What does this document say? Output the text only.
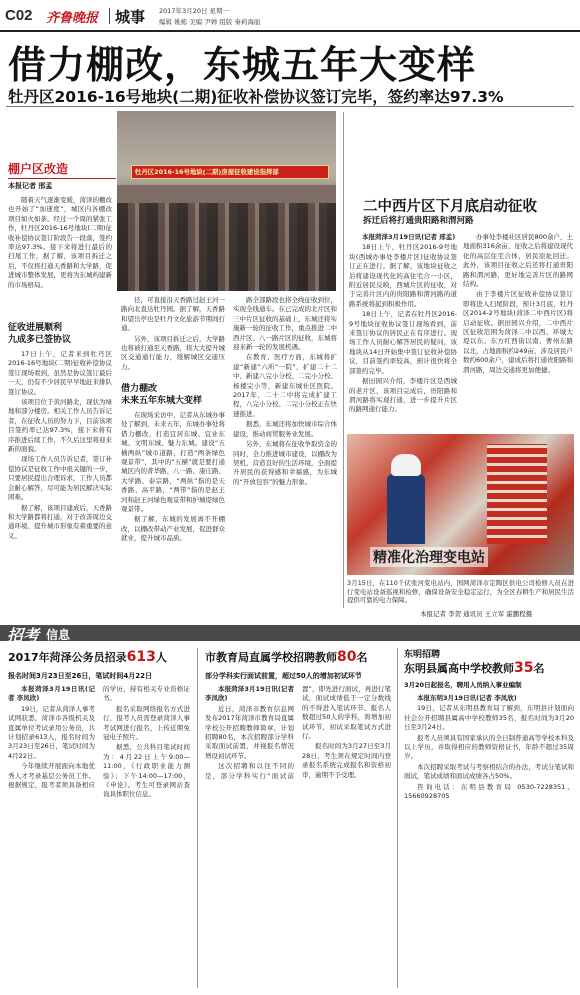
C02 齐鲁晚报 城事 2017年3月20日 星期一
编辑 姚栋 美编 尹婵 组版 秦莉海丽
借力棚改，东城五年大变样
牡丹区2016-16号地块(二期)征收补偿协议签订完毕，签约率达97.3%
棚户区改造
本报记者 邢孟
牡丹区2016-16号地块(二期)房屋征收建设指挥部

随着天气逐渐变暖，菏泽的棚改也开始了“加速度”，城区内各棚改项目如火如荼。经过一个周的紧张工作，牡丹区2016-16号地块(二期)征收补偿协议签订阶段告一段落，签约率达97.3%。接下来将进行最后的扫尾工作，据了解，该项目拆迁之后，不仅将打通天香路和大学路，促进城市整体发展，更将为东城构建新的市场格局。

征收进展顺利
九成多已签协议

17日上午，记者来到牡丹区2016-16号地块(二期)征收补偿协议签订现场看到，虽然是协议签订最后一天，仍有不少居民早早地赶来排队签订协议。

该项目位于黄河路北，现状为绿地和部分楼房。相关工作人员告诉记者，在征收人员的努力下，目前该项目签约率已达97.3%，接下来将有序推进后续工作，不久后这里将迎来新的面貌。

现场工作人员告诉记者，签订补偿协议是征收工作中很关键的一步，只要居民提出合理诉求，工作人员都会耐心解答，尽可能为居民解决实际困难。

据了解，该项目建成后，天香路和大学路都将打通，对于改善周边交通环境、提升城市形象有着重要的意义。

径，可直接沿天香路过赵王河一路向北直达牡丹园。据了解，天香路和望岳亭也是牡丹文化旅游节期间打通。

另外，该项目拆迁之后，大学路也将被打通至天香路，将大大提升城区交通通行能力，缓解城区交通压力。

借力棚改
未来五年东城大变样

在现场采访中，记者从东城办事处了解到，未来五年，东城办事处将借力棚改，打造宜居东城、宜业东城、文明东城、魅力东城。建设“五横两纵”城市道路，打造“两条绿色观景带”，其中的“五横”就是要打通城区内的菁华路、八一路、康庄路、大学路、泰宗路，“两纵”指的是天香路、高平路，“两带”指的是赵王河和赵王河绿色观景带和护城堤绿色观景带。

据了解，东城的发展离不开棚改，以棚改带动产业发展，促进群众就业，提升城市品质。

路全部路段也将全线征收到位，实现全线通车。在已完成的北片区和三中片区征收的基础上，东城还将实施新一轮的征收工作，重点推进二中西片区、八一路片区的征收，东城将迎来新一轮的发展机遇。

在教育、医疗方面，东城将扩建“新建”六所“一院”，扩建二十二中、新建八完小分校、二完小分校、杨楼完小等，新建东城社区医院。2017年，二十二中将完成扩建工程，八完小分校、二完小分校正在快速推进。

据悉，东城还将加快城市综合体建设，推动商贸服务业发展。

另外，东城将在征收争取资金的同时，全力推进城市建设，以棚改为契机，营造良好的生活环境，全面提升居民的获得感和幸福感，为东城的“开放包容”的魅力形象。

二中西片区下月底启动征收
拆迁后将打通贵阳路和渭河路

本报菏泽3月19日讯(记者 邢孟)

18日上午，牡丹区2016-9号地块(西城办事处李楼片区)征收协议签订正在进行。据了解，该地块征收之后将建设现代化的高住宅合一小区，附近居民反映，西城片区的征收，对于完善片区内的贵阳路和渭河路的道路系统将起到积极作用。

18日上午，记者在牡丹区2016-9号地块征收协议签订现场看到，前来签订协议的居民正在有序进行。现场工作人员耐心解答居民的疑问，该地块从14日开始集中签订征收补偿协议，目前签约率较高，预计很快将全部签约完毕。

据田园兴介绍，李楼片区是西城的老片区，该项目完成后，贵阳路和渭河路将实现打通，进一步提升片区的路网通行能力。

办事处李楼社区居民800余户，土地面积316余亩，征收之后将建设现代化的高层住宅合体，居民原址回迁。此外，该项目征收之后还将打通贵阳路和渭河路，更好地完善片区的路网结构。

由于李楼片区征收补偿协议签订即将进入扫尾阶段，预计3月底，牡丹区2014-2号地块(菏泽二中西片区)将启动征收。据田园兴介绍，二中西片区征收范围为菏泽二中以西、环城大堤以东、东方红西街以南、曹州东路以北，占地面积约249亩，涉及居民户数约600余户，建成后将打通贵阳路和渭河路，周边交通将更加便捷。

精准化治理变电站

3月15日，在110千伏张河变电站内，国网菏泽市定陶区供电公司检修人员在进行变电站设备巡视和检修，确保设备安全稳定运行，为全区春耕生产和居民生活提供可靠的电力保障。

本报记者 李贺 通讯员 王立军 霍鹏程摄
招考 信息
2017年菏泽公务员招录613人
报名时间3月23日至26日，笔试时间4月22日

本报菏泽3月19日讯(记者 李凤欣)

19日，记者从菏泽人事考试网获悉，菏泽市各级机关及直属单位考试录用公务员，共计划招录613人，报名时间为3月23日至26日，笔试时间为4月22日。

今年继续开展面向本地优秀人才考录基层公务员工作。根据规定，报考者须具备相应的学历，持有相关专业资格证书。

报名采取网络报名方式进行，报考人员需登录菏泽人事考试网进行报名，上传近期免冠电子照片。

据悉，公共科目笔试时间为：4月22日上午9:00—11:00，《行政职业能力测验》；下午14:00—17:00，《申论》。考生可登录网站查询具体职位信息。

市教育局直属学校招聘教师80名
部分学科实行面试前置，超过50人的增加初试环节

本报菏泽3月19日讯(记者 李凤欣)

近日，菏泽市教育信息网发布2017年菏泽市教育局直属学校公开招聘教师简章，计划招聘80名，本次招聘部分学科采取面试前置，并视报名情况增设初试环节。

这次招聘和以往不同的是，部分学科实行“面试前置”，即先进行面试，再进行笔试，面试成绩低于一定分数线的不得进入笔试环节。报名人数超过50人的学科，将增加初试环节，初试采取笔试方式进行。

报名时间为3月27日至3月28日，考生须在规定时间内登录报名系统完成报名和资格初审，逾期不予受理。

东明招聘
东明县属高中学校教师35名
3月20日起报名，聘用人员纳入事业编制

本报东明3月19日讯(记者 李凤欣)

19日，记者从东明县教育局了解到，东明县计划面向社会公开招聘县属高中学校教师35名，报名时间为3月20日至3月24日。

报考人员须具有国家承认的全日制普通高等学校本科及以上学历，并取得相应的教师资格证书，年龄不超过35周岁。

本次招聘采取考试与考察相结合的办法，考试分笔试和面试，笔试成绩和面试成绩各占50%。

咨询电话：东明县教育局 0530-7228351、15660928705
